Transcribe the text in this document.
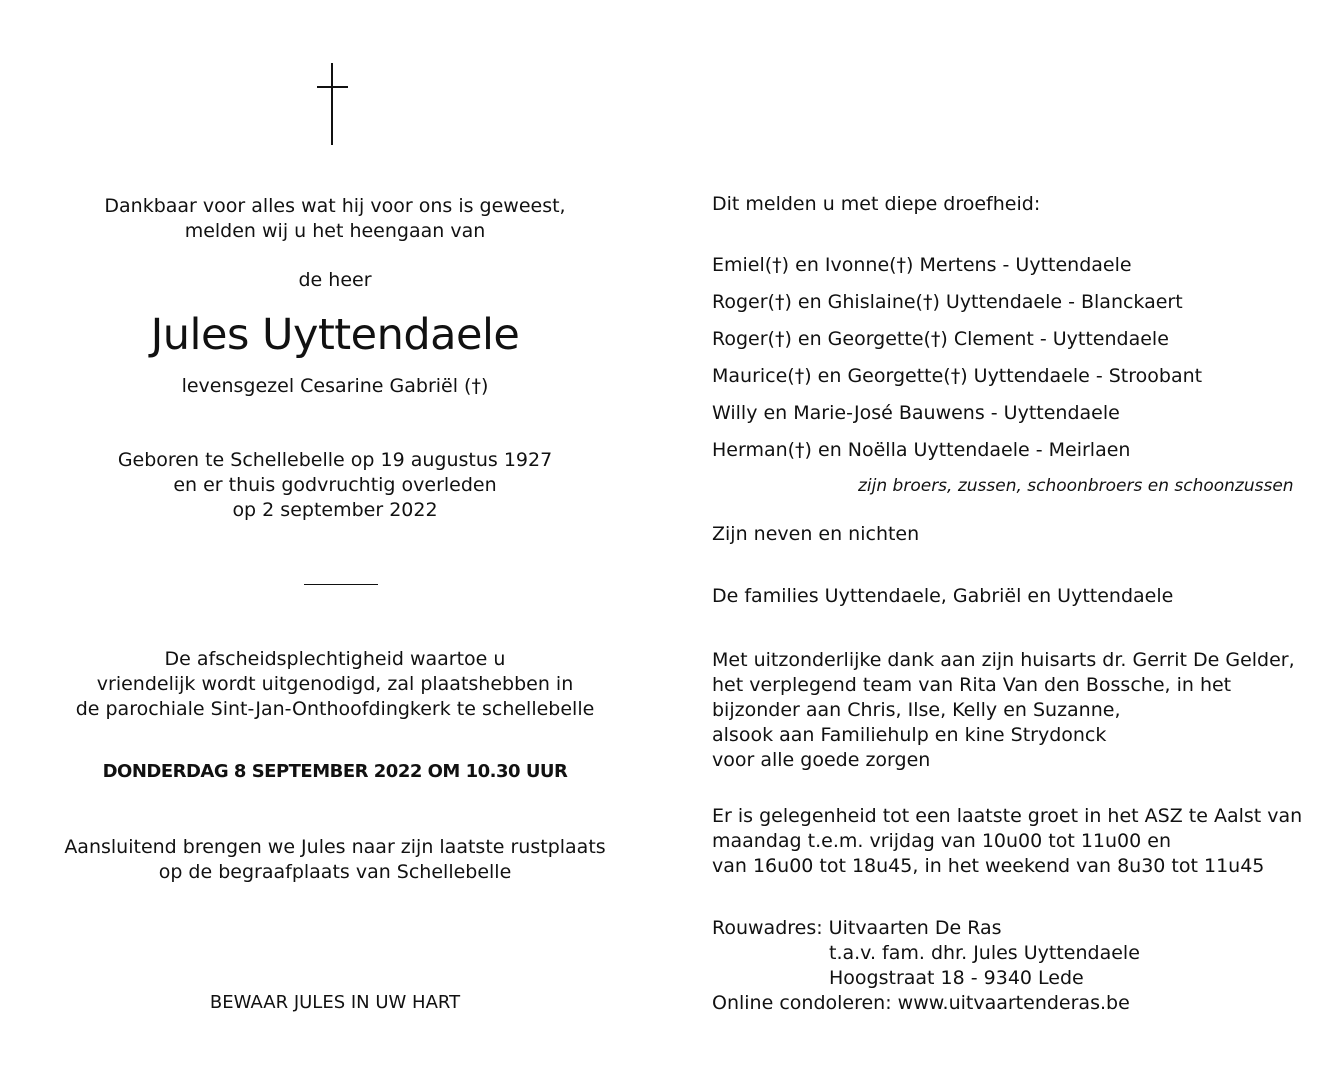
Dankbaar voor alles wat hij voor ons is geweest,
melden wij u het heengaan van
de heer
Jules Uyttendaele
levensgezel Cesarine Gabriël (†)
Geboren te Schellebelle op 19 augustus 1927
en er thuis godvruchtig overleden
op 2 september 2022
De afscheidsplechtigheid waartoe u
vriendelijk wordt uitgenodigd, zal plaatshebben in
de parochiale Sint-Jan-Onthoofdingkerk te schellebelle
DONDERDAG 8 SEPTEMBER 2022 OM 10.30 UUR
Aansluitend brengen we Jules naar zijn laatste rustplaats
op de begraafplaats van Schellebelle
BEWAAR JULES IN UW HART
Dit melden u met diepe droefheid:
Emiel(†) en Ivonne(†) Mertens - Uyttendaele
Roger(†) en Ghislaine(†) Uyttendaele - Blanckaert
Roger(†) en Georgette(†) Clement - Uyttendaele
Maurice(†) en Georgette(†) Uyttendaele - Stroobant
Willy en Marie-José Bauwens - Uyttendaele
Herman(†) en Noëlla Uyttendaele - Meirlaen
zijn broers, zussen, schoonbroers en schoonzussen
Zijn neven en nichten
De families Uyttendaele, Gabriël en Uyttendaele
Met uitzonderlijke dank aan zijn huisarts dr. Gerrit De Gelder,
het verplegend team van Rita Van den Bossche, in het
bijzonder aan Chris, Ilse, Kelly en Suzanne,
alsook aan Familiehulp en kine Strydonck
voor alle goede zorgen
Er is gelegenheid tot een laatste groet in het ASZ te Aalst van
maandag t.e.m. vrijdag van 10u00 tot 11u00 en
van 16u00 tot 18u45, in het weekend van 8u30 tot 11u45
Rouwadres: Uitvaarten De Ras
t.a.v. fam. dhr. Jules Uyttendaele
Hoogstraat 18 - 9340 Lede
Online condoleren: www.uitvaartenderas.be
